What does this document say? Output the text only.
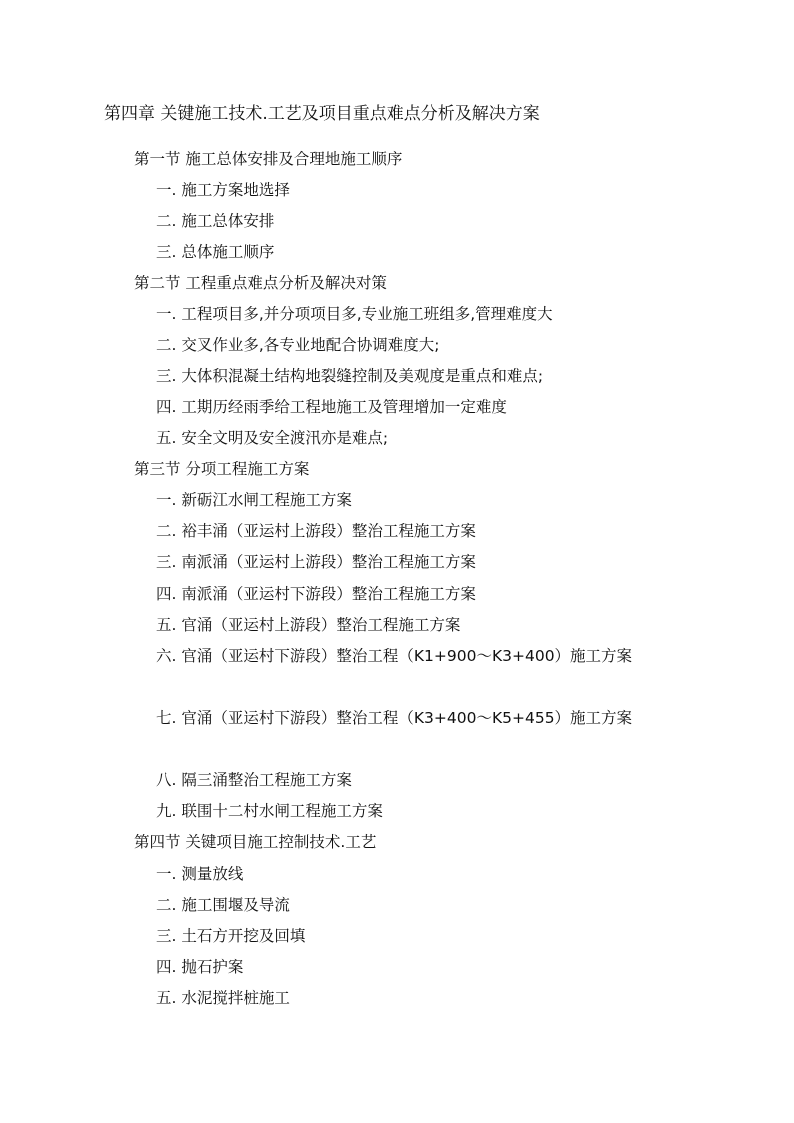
第四章 关键施工技术.工艺及项目重点难点分析及解决方案
第一节 施工总体安排及合理地施工顺序
一. 施工方案地选择
二. 施工总体安排
三. 总体施工顺序
第二节 工程重点难点分析及解决对策
一. 工程项目多,并分项项目多,专业施工班组多,管理难度大
二. 交叉作业多,各专业地配合协调难度大;
三. 大体积混凝土结构地裂缝控制及美观度是重点和难点;
四. 工期历经雨季给工程地施工及管理增加一定难度
五. 安全文明及安全渡汛亦是难点;
第三节 分项工程施工方案
一. 新砺江水闸工程施工方案
二. 裕丰涌（亚运村上游段）整治工程施工方案
三. 南派涌（亚运村上游段）整治工程施工方案
四. 南派涌（亚运村下游段）整治工程施工方案
五. 官涌（亚运村上游段）整治工程施工方案
六. 官涌（亚运村下游段）整治工程（K1+900～K3+400）施工方案
七. 官涌（亚运村下游段）整治工程（K3+400～K5+455）施工方案
八. 隔三涌整治工程施工方案
九. 联围十二村水闸工程施工方案
第四节 关键项目施工控制技术.工艺
一. 测量放线
二. 施工围堰及导流
三. 土石方开挖及回填
四. 抛石护案
五. 水泥搅拌桩施工
